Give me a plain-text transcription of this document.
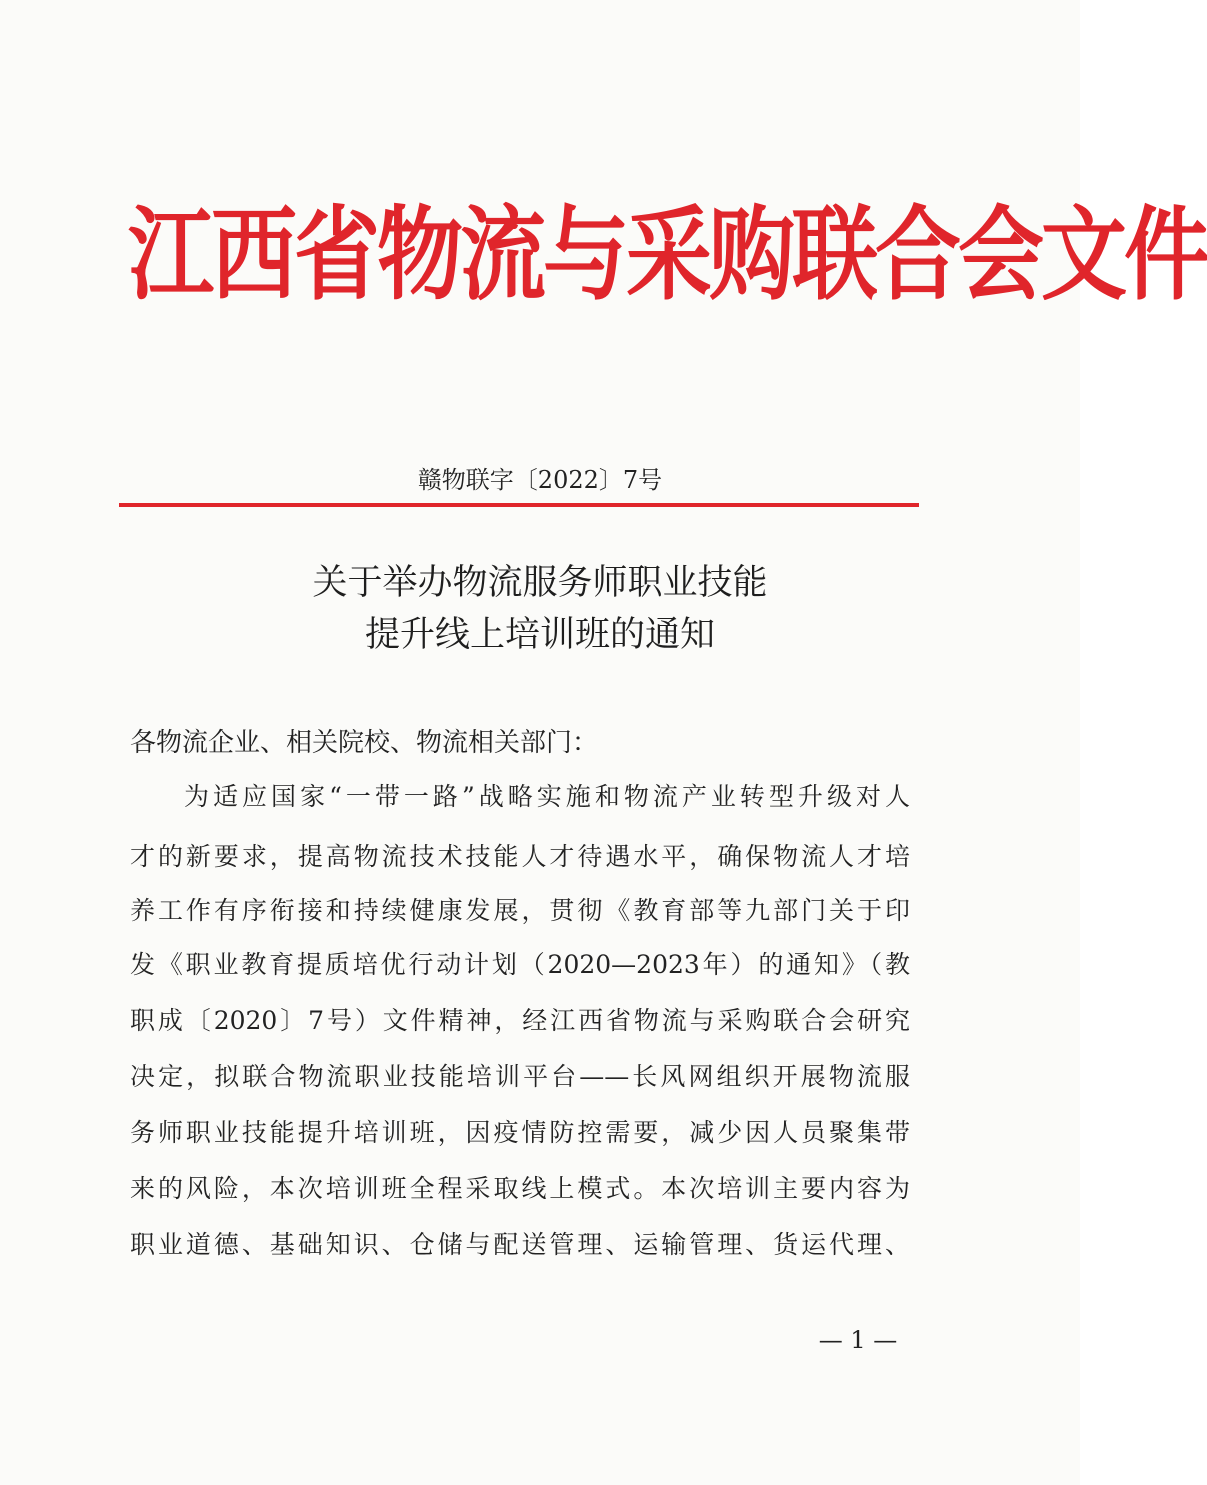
江西省物流与采购联合会文件
赣物联字〔2022〕7号
关于举办物流服务师职业技能
提升线上培训班的通知
各物流企业、相关院校、物流相关部门：
为适应国家“一带一路”战略实施和物流产业转型升级对人
才的新要求，提高物流技术技能人才待遇水平，确保物流人才培
养工作有序衔接和持续健康发展，贯彻《教育部等九部门关于印
发《职业教育提质培优行动计划（2020—2023年）的通知》（教
职成〔2020〕7号）文件精神，经江西省物流与采购联合会研究
决定，拟联合物流职业技能培训平台——长风网组织开展物流服
务师职业技能提升培训班，因疫情防控需要，减少因人员聚集带
来的风险，本次培训班全程采取线上模式。本次培训主要内容为
职业道德、基础知识、仓储与配送管理、运输管理、货运代理、
— 1 —
